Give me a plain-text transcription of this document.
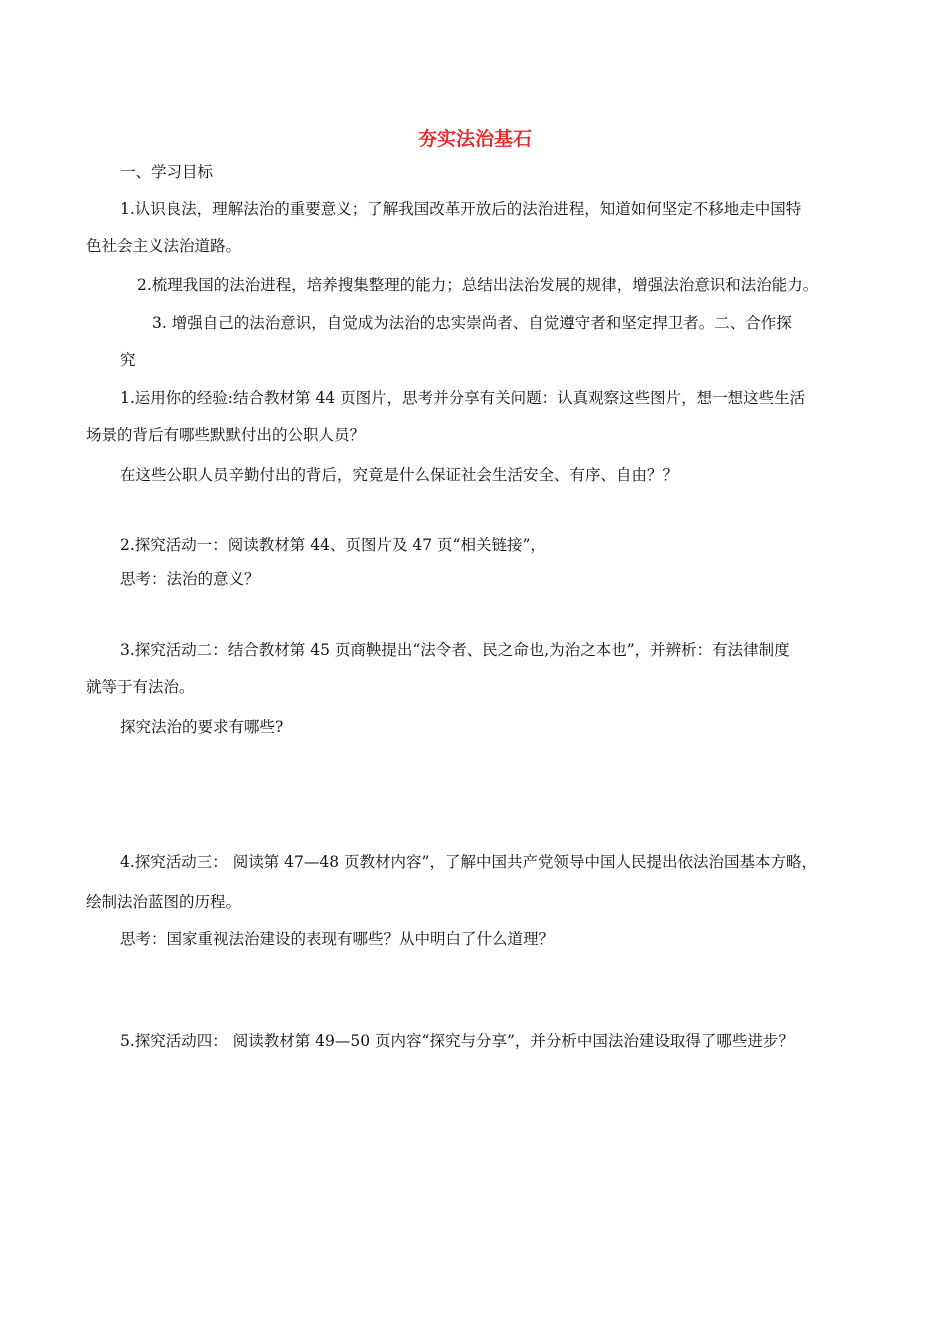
夯实法治基石
一、学习目标
1.认识良法，理解法治的重要意义；了解我国改革开放后的法治进程，知道如何坚定不移地走中国特
色社会主义法治道路。
2.梳理我国的法治进程，培养搜集整理的能力；总结出法治发展的规律，增强法治意识和法治能力。
3. 增强自己的法治意识，自觉成为法治的忠实崇尚者、自觉遵守者和坚定捍卫者。二、合作探
究
1.运用你的经验:结合教材第 44 页图片，思考并分享有关问题：认真观察这些图片，想一想这些生活
场景的背后有哪些默默付出的公职人员？
在这些公职人员辛勤付出的背后，究竟是什么保证社会生活安全、有序、自由？？
2.探究活动一：阅读教材第 44、页图片及 47 页“相关链接”，
思考：法治的意义？
3.探究活动二：结合教材第 45 页商鞅提出“法令者、民之命也,为治之本也”，并辨析：有法律制度
就等于有法治。
探究法治的要求有哪些?
4.探究活动三： 阅读第 47—48 页教材内容”，了解中国共产党领导中国人民提出依法治国基本方略，
绘制法治蓝图的历程。
思考：国家重视法治建设的表现有哪些？从中明白了什么道理？
5.探究活动四： 阅读教材第 49—50 页内容“探究与分享”，并分析中国法治建设取得了哪些进步？
